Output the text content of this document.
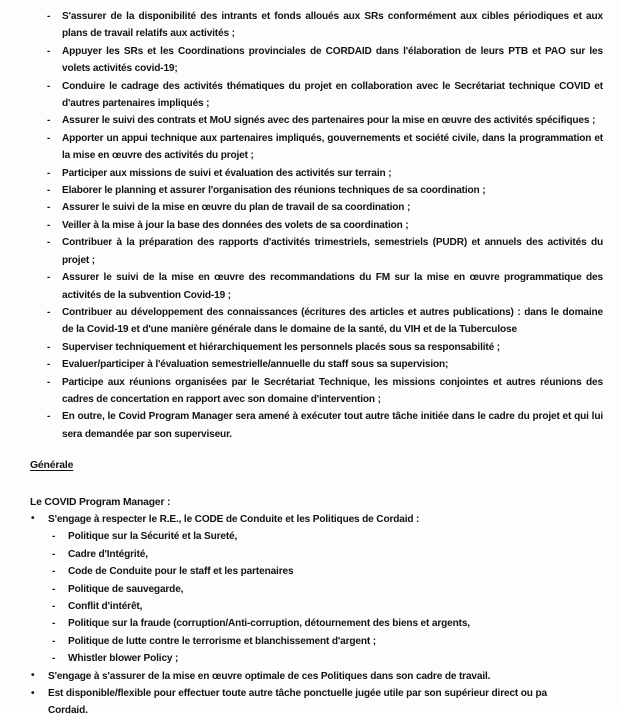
- S'assurer de la disponibilité des intrants et fonds alloués aux SRs conformément aux cibles périodiques et aux plans de travail relatifs aux activités ;
- Appuyer les SRs et les Coordinations provinciales de CORDAID dans l'élaboration de leurs PTB et PAO sur les volets activités covid-19;
- Conduire le cadrage des activités thématiques du projet en collaboration avec le Secrétariat technique COVID et d'autres partenaires impliqués ;
- Assurer le suivi des contrats et MoU signés avec des partenaires pour la mise en œuvre des activités spécifiques ;
- Apporter un appui technique aux partenaires impliqués, gouvernements et société civile, dans la programmation et la mise en œuvre des activités du projet ;
- Participer aux missions de suivi et évaluation des activités sur terrain ;
- Elaborer le planning et assurer l'organisation des réunions techniques de sa coordination ;
- Assurer le suivi de la mise en œuvre du plan de travail de sa coordination ;
- Veiller à la mise à jour la base des données des volets de sa coordination ;
- Contribuer à la préparation des rapports d'activités trimestriels, semestriels (PUDR) et annuels des activités du projet ;
- Assurer le suivi de la mise en œuvre des recommandations du FM sur la mise en œuvre programmatique des activités de la subvention Covid-19 ;
- Contribuer au développement des connaissances (écritures des articles et autres publications) : dans le domaine de la Covid-19 et d'une manière générale dans le domaine de la santé, du VIH et de la Tuberculose
- Superviser techniquement et hiérarchiquement les personnels placés sous sa responsabilité ;
- Evaluer/participer à l'évaluation semestrielle/annuelle du staff sous sa supervision;
- Participe aux réunions organisées par le Secrétariat Technique, les missions conjointes et autres réunions des cadres de concertation en rapport avec son domaine d'intervention ;
- En outre, le Covid Program Manager sera amené à exécuter tout autre tâche initiée dans le cadre du projet et qui lui sera demandée par son superviseur.
Générale
Le COVID Program Manager :
• S'engage à respecter le R.E., le CODE de Conduite et les Politiques de Cordaid :
- Politique sur la Sécurité et la Sureté,
- Cadre d'Intégrité,
- Code de Conduite pour le staff et les partenaires
- Politique de sauvegarde,
- Conflit d'intérêt,
- Politique sur la fraude (corruption/Anti-corruption, détournement des biens et argents,
- Politique de lutte contre le terrorisme et blanchissement d'argent ;
- Whistler blower Policy ;
• S'engage à s'assurer de la mise en œuvre optimale de ces Politiques dans son cadre de travail.
• Est disponible/flexible pour effectuer toute autre tâche ponctuelle jugée utile par son supérieur direct ou pa
Cordaid.
